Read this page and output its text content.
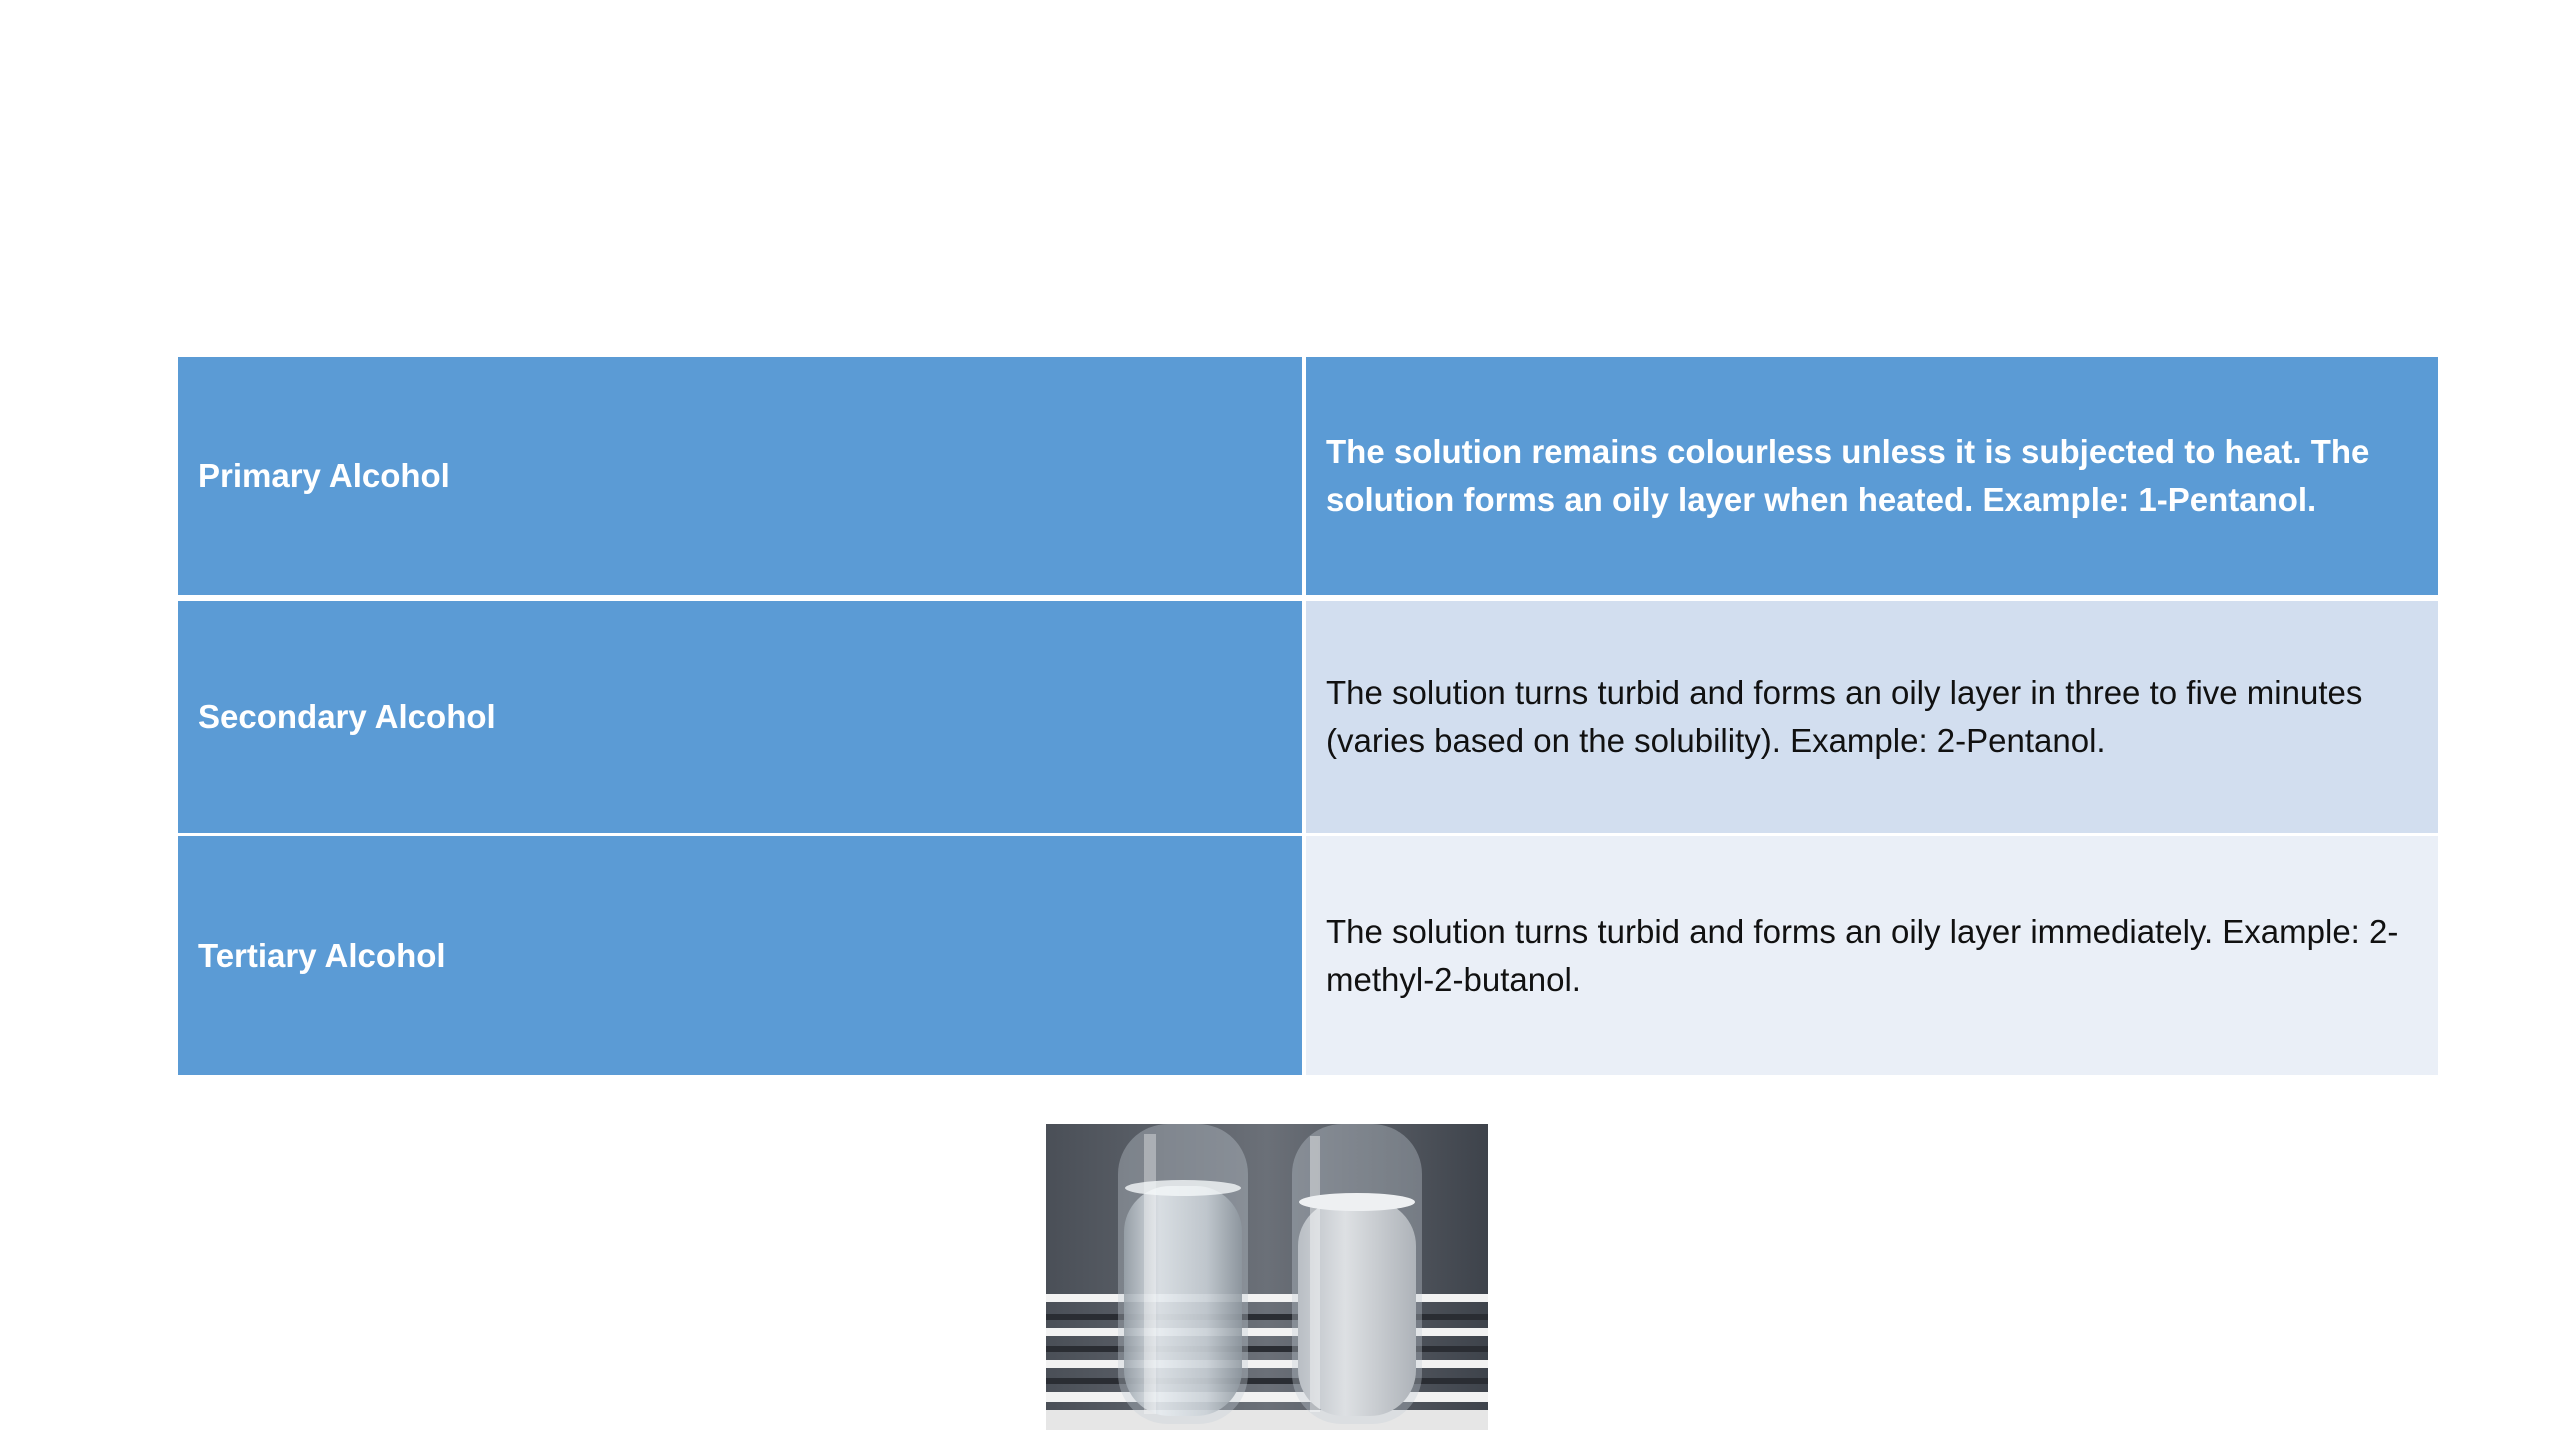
Primary Alcohol
The solution remains colourless unless it is subjected to heat. The solution forms an oily layer when heated. Example: 1-Pentanol.
Secondary Alcohol
The solution turns turbid and forms an oily layer in three to five minutes (varies based on the solubility). Example: 2-Pentanol.
Tertiary Alcohol
The solution turns turbid and forms an oily layer immediately. Example: 2-methyl-2-butanol.
